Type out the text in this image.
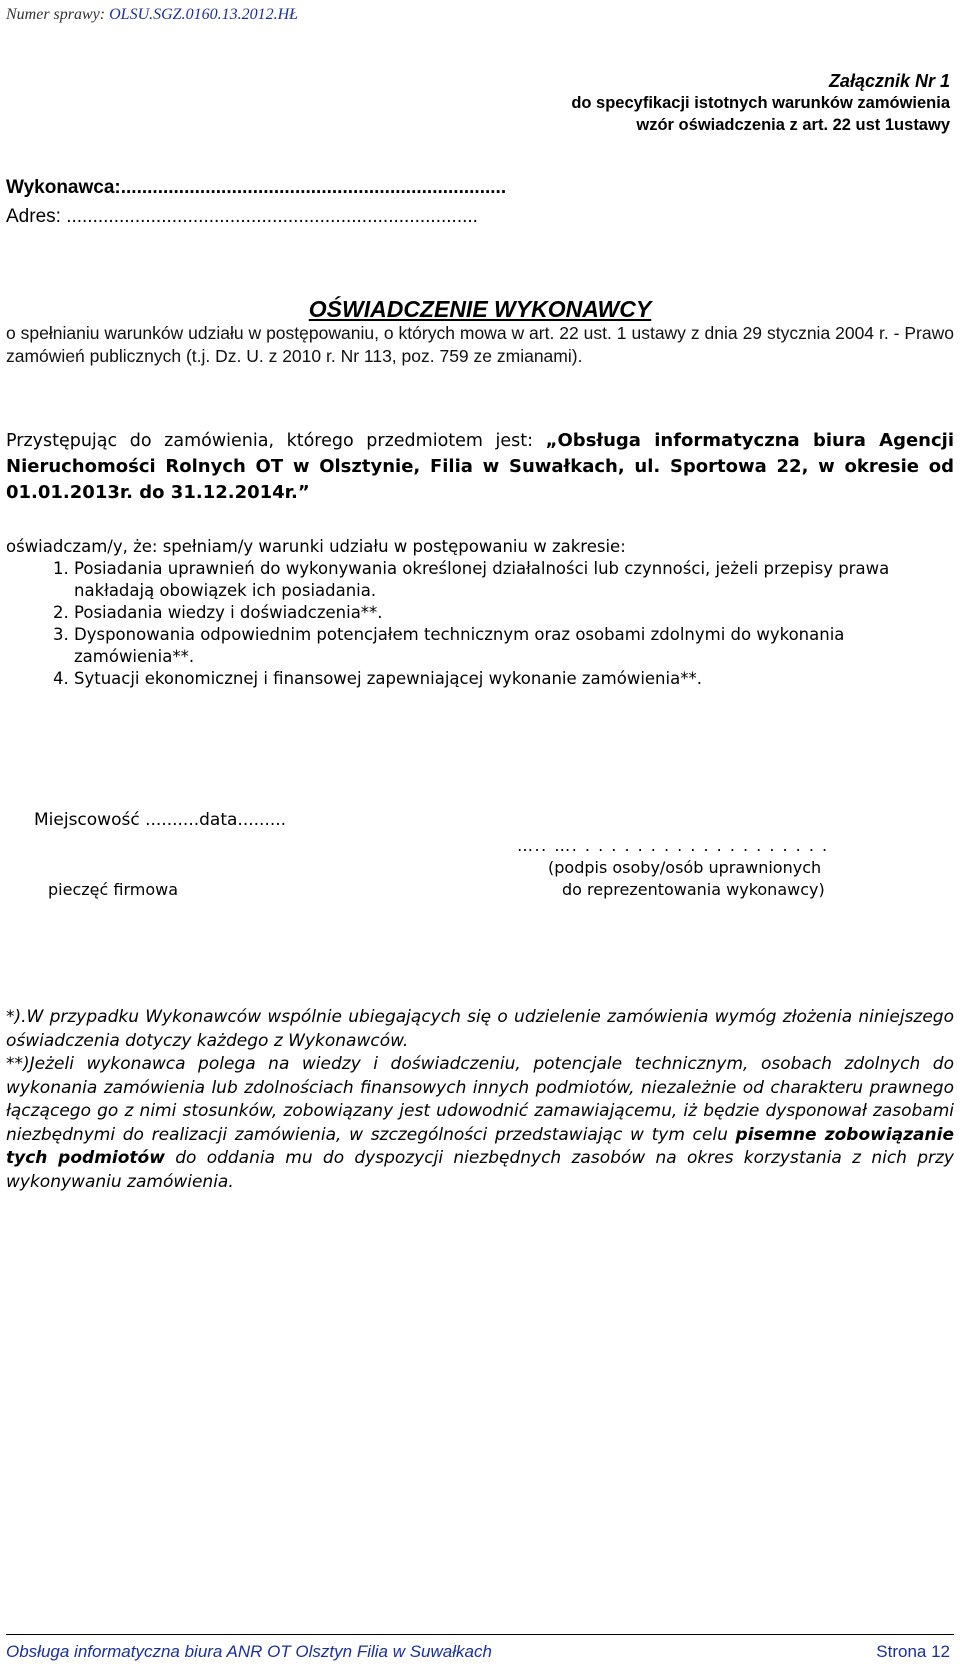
Numer sprawy: OLSU.SGZ.0160.13.2012.HŁ
Załącznik Nr 1
do specyfikacji istotnych warunków zamówienia
wzór oświadczenia z art. 22 ust 1ustawy
Wykonawca:.........................................................................
Adres: ..............................................................................
OŚWIADCZENIE WYKONAWCY
o spełnianiu warunków udziału w postępowaniu, o których mowa w art. 22 ust. 1 ustawy z dnia 29 stycznia 2004 r. - Prawo zamówień publicznych (t.j. Dz. U. z 2010 r. Nr 113, poz. 759 ze zmianami).
Przystępując do zamówienia, którego przedmiotem jest: „Obsługa informatyczna biura Agencji Nieruchomości Rolnych OT w Olsztynie, Filia w Suwałkach, ul. Sportowa 22, w okresie od 01.01.2013r. do 31.12.2014r.”
oświadczam/y, że: spełniam/y warunki udziału w postępowaniu w zakresie:
1. Posiadania uprawnień do wykonywania określonej działalności lub czynności, jeżeli przepisy prawa nakładają obowiązek ich posiadania.
2. Posiadania wiedzy i doświadczenia**.
3. Dysponowania odpowiednim potencjałem technicznym oraz osobami zdolnymi do wykonania zamówienia**.
4. Sytuacji ekonomicznej i finansowej zapewniającej wykonanie zamówienia**.
Miejscowość ..........data.........
….. …. . . . . . . . . . . . . . . . . . . .
(podpis osoby/osób uprawnionych
do reprezentowania wykonawcy)
pieczęć firmowa

*).W przypadku Wykonawców wspólnie ubiegających się o udzielenie zamówienia wymóg złożenia niniejszego oświadczenia dotyczy każdego z Wykonawców.

**)Jeżeli wykonawca polega na wiedzy i doświadczeniu, potencjale technicznym, osobach zdolnych do wykonania zamówienia lub zdolnościach finansowych innych podmiotów, niezależnie od charakteru prawnego łączącego go z nimi stosunków, zobowiązany jest udowodnić zamawiającemu, iż będzie dysponował zasobami niezbędnymi do realizacji zamówienia, w szczególności przedstawiając w tym celu pisemne zobowiązanie tych podmiotów do oddania mu do dyspozycji niezbędnych zasobów na okres korzystania z nich przy wykonywaniu zamówienia.

Obsługa informatyczna biura ANR OT Olsztyn Filia w Suwałkach	Strona 12
